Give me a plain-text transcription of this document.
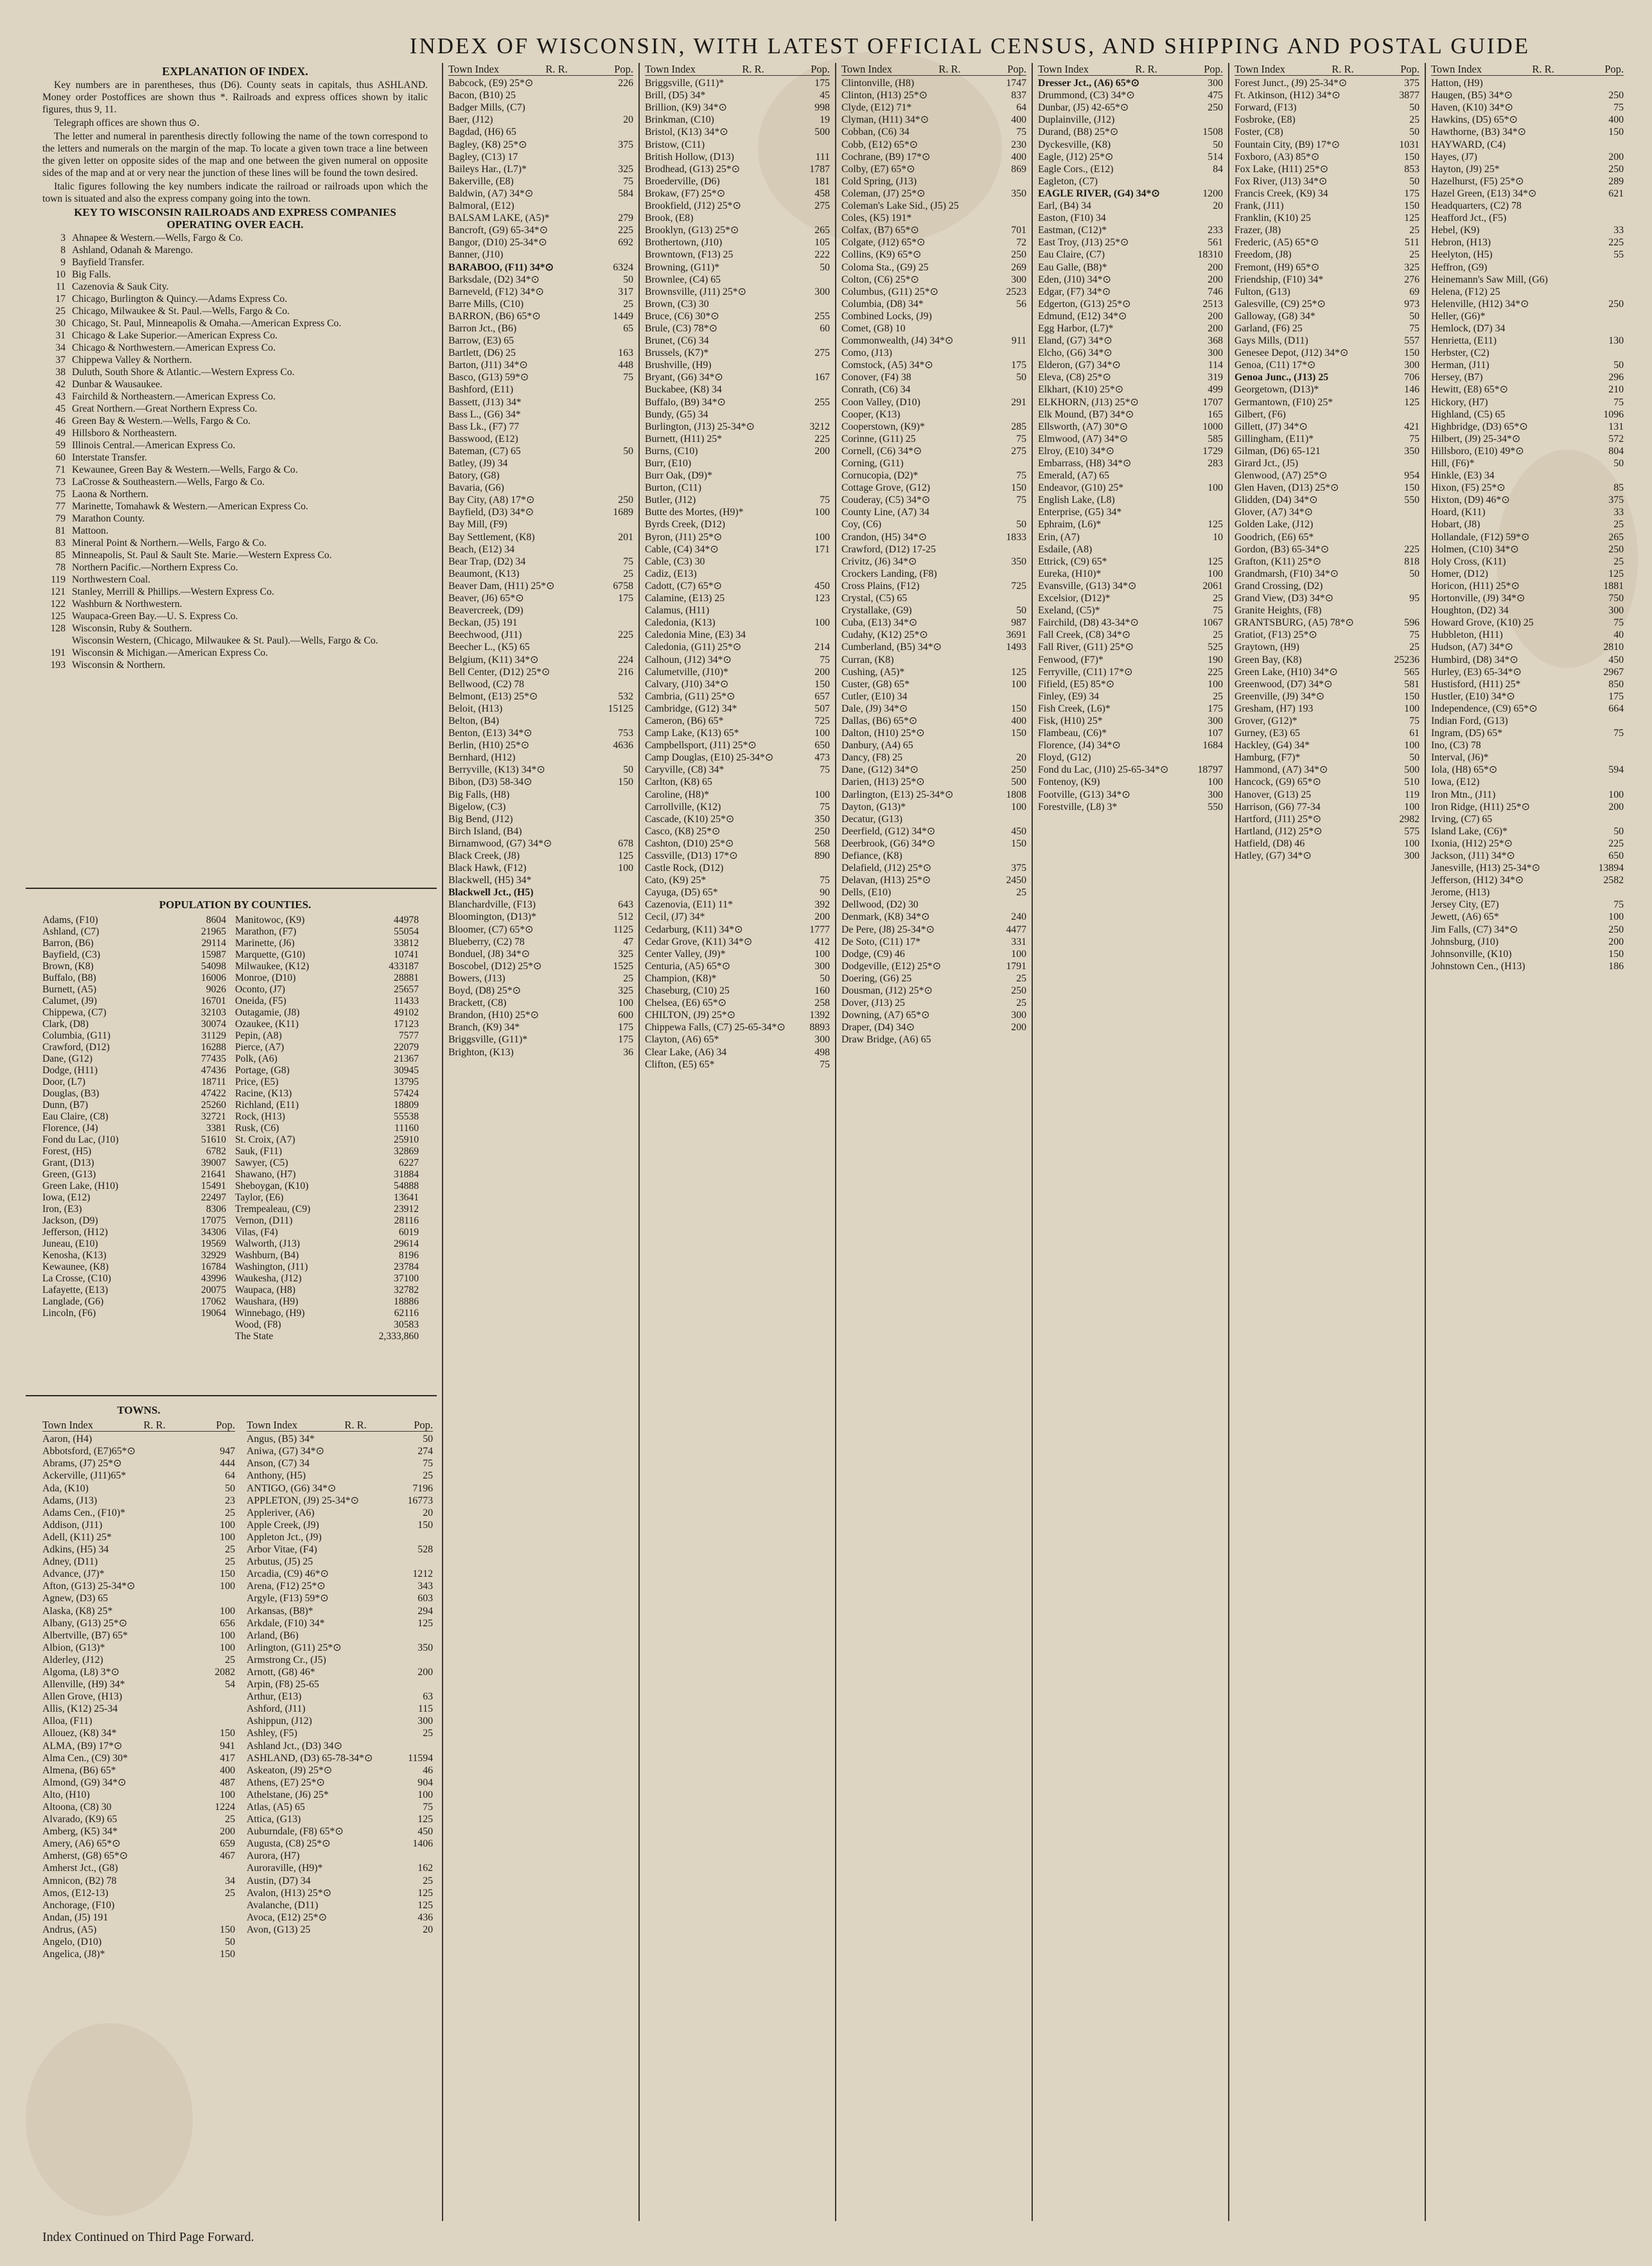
INDEX OF WISCONSIN, WITH LATEST OFFICIAL CENSUS, AND SHIPPING AND POSTAL GUIDE
EXPLANATION OF INDEX.

Key numbers are in parentheses, thus (D6). County seats in capitals, thus ASHLAND. Money order Postoffices are shown thus *. Railroads and express offices shown by italic figures, thus 9, 11.

Telegraph offices are shown thus ⊙.

The letter and numeral in parenthesis directly following the name of the town correspond to the letters and numerals on the margin of the map. To locate a given town trace a line between the given letter on opposite sides of the map and one between the given numeral on opposite sides of the map and at or very near the junction of these lines will be found the town desired.

Italic figures following the key numbers indicate the railroad or railroads upon which the town is situated and also the express company going into the town.

KEY TO WISCONSIN RAILROADS AND EXPRESS COMPANIES OPERATING OVER EACH.
3 Ahnapee & Western.—Wells, Fargo & Co.
8 Ashland, Odanah & Marengo.
9 Bayfield Transfer.
10 Big Falls.
11 Cazenovia & Sauk City.
17 Chicago, Burlington & Quincy.—Adams Express Co.
25 Chicago, Milwaukee & St. Paul.—Wells, Fargo & Co.
30 Chicago, St. Paul, Minneapolis & Omaha.—American Express Co.
31 Chicago & Lake Superior.—American Express Co.
34 Chicago & Northwestern.—American Express Co.
37 Chippewa Valley & Northern.
38 Duluth, South Shore & Atlantic.—Western Express Co.
42 Dunbar & Wausaukee.
43 Fairchild & Northeastern.—American Express Co.
45 Great Northern.—Great Northern Express Co.
46 Green Bay & Western.—Wells, Fargo & Co.
49 Hillsboro & Northeastern.
59 Illinois Central.—American Express Co.
60 Interstate Transfer.
71 Kewaunee, Green Bay & Western.—Wells, Fargo & Co.
73 LaCrosse & Southeastern.—Wells, Fargo & Co.
75 Laona & Northern.
77 Marinette, Tomahawk & Western.—American Express Co.
79 Marathon County.
81 Mattoon.
83 Mineral Point & Northern.—Wells, Fargo & Co.
85 Minneapolis, St. Paul & Sault Ste. Marie.—Western Express Co.
78 Northern Pacific.—Northern Express Co.
119 Northwestern Coal.
121 Stanley, Merrill & Phillips.—Western Express Co.
122 Washburn & Northwestern.
125 Waupaca-Green Bay.—U. S. Express Co.
128 Wisconsin, Ruby & Southern.
Wisconsin Western, (Chicago, Milwaukee & St. Paul).—Wells, Fargo & Co.
191 Wisconsin & Michigan.—American Express Co.
193 Wisconsin & Northern.
POPULATION BY COUNTIES.
Adams, (F10)	8604
Ashland, (C7)	21965
Barron, (B6)	29114
Bayfield, (C3)	15987
Brown, (K8)	54098
Buffalo, (B8)	16006
Burnett, (A5)	9026
Calumet, (J9)	16701
Chippewa, (C7)	32103
Clark, (D8)	30074
Columbia, (G11)	31129
Crawford, (D12)	16288
Dane, (G12)	77435
Dodge, (H11)	47436
Door, (L7)	18711
Douglas, (B3)	47422
Dunn, (B7)	25260
Eau Claire, (C8)	32721
Florence, (J4)	3381
Fond du Lac, (J10)	51610
Forest, (H5)	6782
Grant, (D13)	39007
Green, (G13)	21641
Green Lake, (H10)	15491
Iowa, (E12)	22497
Iron, (E3)	8306
Jackson, (D9)	17075
Jefferson, (H12)	34306
Juneau, (E10)	19569
Kenosha, (K13)	32929
Kewaunee, (K8)	16784
La Crosse, (C10)	43996
Lafayette, (E13)	20075
Langlade, (G6)	17062
Lincoln, (F6)	19064
Manitowoc, (K9)	44978
Marathon, (F7)	55054
Marinette, (J6)	33812
Marquette, (G10)	10741
Milwaukee, (K12)	433187
Monroe, (D10)	28881
Oconto, (J7)	25657
Oneida, (F5)	11433
Outagamie, (J8)	49102
Ozaukee, (K11)	17123
Pepin, (A8)	7577
Pierce, (A7)	22079
Polk, (A6)	21367
Portage, (G8)	30945
Price, (E5)	13795
Racine, (K13)	57424
Richland, (E11)	18809
Rock, (H13)	55538
Rusk, (C6)	11160
St. Croix, (A7)	25910
Sauk, (F11)	32869
Sawyer, (C5)	6227
Shawano, (H7)	31884
Sheboygan, (K10)	54888
Taylor, (E6)	13641
Trempealeau, (C9)	23912
Vernon, (D11)	28116
Vilas, (F4)	6019
Walworth, (J13)	29614
Washburn, (B4)	8196
Washington, (J11)	23784
Waukesha, (J12)	37100
Waupaca, (H8)	32782
Waushara, (H9)	18886
Winnebago, (H9)	62116
Wood, (F8)	30583
The State	2,333,860
TOWNS.
Town Index	R. R.	Pop.
Aaron, (H4)
Abbotsford, (E7)65*⊙	947
Abrams, (J7) 25*⊙	444
Ackerville, (J11)65*	64
Ada, (K10)	50
Adams, (J13)	23
Adams Cen., (F10)*	25
Addison, (J11)	100
Adell, (K11) 25*	100
Adkins, (H5) 34	25
Adney, (D11)	25
Advance, (J7)*	150
Afton, (G13) 25-34*⊙	100
Agnew, (D3) 65
Alaska, (K8) 25*	100
Albany, (G13) 25*⊙	656
Albertville, (B7) 65*	100
Albion, (G13)*	100
Alderley, (J12)	25
Algoma, (L8) 3*⊙	2082
Allenville, (H9) 34*	54
Allen Grove, (H13)
Allis, (K12) 25-34
Alloa, (F11)
Allouez, (K8) 34*	150
ALMA, (B9) 17*⊙	941
Alma Cen., (C9) 30*	417
Almena, (B6) 65*	400
Almond, (G9) 34*⊙	487
Alto, (H10)	100
Altoona, (C8) 30	1224
Alvarado, (K9) 65	25
Amberg, (K5) 34*	200
Amery, (A6) 65*⊙	659
Amherst, (G8) 65*⊙	467
Amherst Jct., (G8)
Amnicon, (B2) 78	34
Amos, (E12-13)	25
Anchorage, (F10)
Andan, (J5) 191
Andrus, (A5)	150
Angelo, (D10)	50
Angelica, (J8)*	150
Town Index	R. R.	Pop.
Angus, (B5) 34*	50
Aniwa, (G7) 34*⊙	274
Anson, (C7) 34	75
Anthony, (H5)	25
ANTIGO, (G6) 34*⊙	7196
APPLETON, (J9) 25-34*⊙	16773
Appleriver, (A6)	20
Apple Creek, (J9)	150
Appleton Jct., (J9)
Arbor Vitae, (F4)	528
Arbutus, (J5) 25
Arcadia, (C9) 46*⊙	1212
Arena, (F12) 25*⊙	343
Argyle, (F13) 59*⊙	603
Arkansas, (B8)*	294
Arkdale, (F10) 34*	125
Arland, (B6)
Arlington, (G11) 25*⊙	350
Armstrong Cr., (J5)
Arnott, (G8) 46*	200
Arpin, (F8) 25-65
Arthur, (E13)	63
Ashford, (J11)	115
Ashippun, (J12)	300
Ashley, (F5)	25
Ashland Jct., (D3) 34⊙
ASHLAND, (D3) 65-78-34*⊙	11594
Askeaton, (J9) 25*⊙	46
Athens, (E7) 25*⊙	904
Athelstane, (J6) 25*	100
Atlas, (A5) 65	75
Attica, (G13)	125
Auburndale, (F8) 65*⊙	450
Augusta, (C8) 25*⊙	1406
Aurora, (H7)
Auroraville, (H9)*	162
Austin, (D7) 34	25
Avalon, (H13) 25*⊙	125
Avalanche, (D11)	125
Avoca, (E12) 25*⊙	436
Avon, (G13) 25	20
Town Index	R. R.	Pop.
Babcock, (E9) 25*⊙	226
Bacon, (B10) 25
Badger Mills, (C7)
Baer, (J12)	20
Bagdad, (H6) 65
Bagley, (K8) 25*⊙	375
Bagley, (C13) 17
Baileys Har., (L7)*	325
Bakerville, (E8)	75
Baldwin, (A7) 34*⊙	584
Balmoral, (E12)
BALSAM LAKE, (A5)*	279
Bancroft, (G9) 65-34*⊙	225
Bangor, (D10) 25-34*⊙	692
Banner, (J10)
BARABOO, (F11) 34*⊙	6324
Barksdale, (D2) 34*⊙	50
Barneveld, (F12) 34*⊙	317
Barre Mills, (C10)	25
BARRON, (B6) 65*⊙	1449
Barron Jct., (B6)	65
Barrow, (E3) 65
Bartlett, (D6) 25	163
Barton, (J11) 34*⊙	448
Basco, (G13) 59*⊙	75
Bashford, (E11)
Bassett, (J13) 34*
Bass L., (G6) 34*
Bass Lk., (F7) 77
Basswood, (E12)
Bateman, (C7) 65	50
Batley, (J9) 34
Batory, (G8)
Bavaria, (G6)
Bay City, (A8) 17*⊙	250
Bayfield, (D3) 34*⊙	1689
Bay Mill, (F9)
Bay Settlement, (K8)	201
Beach, (E12) 34
Bear Trap, (D2) 34	75
Beaumont, (K13)	25
Beaver Dam, (H11) 25*⊙	6758
Beaver, (J6) 65*⊙	175
Beavercreek, (D9)
Beckan, (J5) 191
Beechwood, (J11)	225
Beecher L., (K5) 65
Belgium, (K11) 34*⊙	224
Bell Center, (D12) 25*⊙	216
Bellwood, (C2) 78
Belmont, (E13) 25*⊙	532
Beloit, (H13)	15125
Belton, (B4)
Benton, (E13) 34*⊙	753
Berlin, (H10) 25*⊙	4636
Bernhard, (H12)
Berryville, (K13) 34*⊙	50
Bibon, (D3) 58-34⊙	150
Big Falls, (H8)
Bigelow, (C3)
Big Bend, (J12)
Birch Island, (B4)
Birnamwood, (G7) 34*⊙	678
Black Creek, (J8)	125
Black Hawk, (F12)	100
Blackwell, (H5) 34*
Blackwell Jct., (H5)
Blanchardville, (F13)	643
Bloomington, (D13)*	512
Bloomer, (C7) 65*⊙	1125
Blueberry, (C2) 78	47
Bonduel, (J8) 34*⊙	325
Boscobel, (D12) 25*⊙	1525
Bowers, (J13)	25
Boyd, (D8) 25*⊙	325
Brackett, (C8)	100
Brandon, (H10) 25*⊙	600
Branch, (K9) 34*	175
Briggsville, (G11)*	175
Brighton, (K13)	36
Town Index	R. R.	Pop.
Briggsville, (G11)*	175
Brill, (D5) 34*	45
Brillion, (K9) 34*⊙	998
Brinkman, (C10)	19
Bristol, (K13) 34*⊙	500
Bristow, (C11)
British Hollow, (D13)	111
Brodhead, (G13) 25*⊙	1787
Broederville, (D6)	181
Brokaw, (F7) 25*⊙	458
Brookfield, (J12) 25*⊙	275
Brook, (E8)
Brooklyn, (G13) 25*⊙	265
Brothertown, (J10)	105
Browntown, (F13) 25	222
Browning, (G11)*	50
Brownlee, (C4) 65
Brownsville, (J11) 25*⊙	300
Brown, (C3) 30
Bruce, (C6) 30*⊙	255
Brule, (C3) 78*⊙	60
Brunet, (C6) 34
Brussels, (K7)*	275
Brushville, (H9)
Bryant, (G6) 34*⊙	167
Buckabee, (K8) 34
Buffalo, (B9) 34*⊙	255
Bundy, (G5) 34
Burlington, (J13) 25-34*⊙	3212
Burnett, (H11) 25*	225
Burns, (C10)	200
Burr, (E10)
Burr Oak, (D9)*
Burton, (C11)
Butler, (J12)	75
Butte des Mortes, (H9)*	100
Byrds Creek, (D12)
Byron, (J11) 25*⊙	100
Cable, (C4) 34*⊙	171
Cable, (C3) 30
Cadiz, (E13)
Cadott, (C7) 65*⊙	450
Calamine, (E13) 25	123
Calamus, (H11)
Caledonia, (K13)	100
Caledonia Mine, (E3) 34
Caledonia, (G11) 25*⊙	214
Calhoun, (J12) 34*⊙	75
Calumetville, (J10)*	200
Calvary, (J10) 34*⊙	150
Cambria, (G11) 25*⊙	657
Cambridge, (G12) 34*	507
Cameron, (B6) 65*	725
Camp Lake, (K13) 65*	100
Campbellsport, (J11) 25*⊙	650
Camp Douglas, (E10) 25-34*⊙	473
Caryville, (C8) 34*	75
Carlton, (K8) 65
Caroline, (H8)*	100
Carrollville, (K12)	75
Cascade, (K10) 25*⊙	350
Casco, (K8) 25*⊙	250
Cashton, (D10) 25*⊙	568
Cassville, (D13) 17*⊙	890
Castle Rock, (D12)
Cato, (K9) 25*	75
Cayuga, (D5) 65*	90
Cazenovia, (E11) 11*	392
Cecil, (J7) 34*	200
Cedarburg, (K11) 34*⊙	1777
Cedar Grove, (K11) 34*⊙	412
Center Valley, (J9)*	100
Centuria, (A5) 65*⊙	300
Champion, (K8)*	50
Chaseburg, (C10) 25	160
Chelsea, (E6) 65*⊙	258
CHILTON, (J9) 25*⊙	1392
Chippewa Falls, (C7) 25-65-34*⊙	8893
Clayton, (A6) 65*	300
Clear Lake, (A6) 34	498
Clifton, (E5) 65*	75
Town Index	R. R.	Pop.
Clintonville, (H8)	1747
Clinton, (H13) 25*⊙	837
Clyde, (E12) 71*	64
Clyman, (H11) 34*⊙	400
Cobban, (C6) 34	75
Cobb, (E12) 65*⊙	230
Cochrane, (B9) 17*⊙	400
Colby, (E7) 65*⊙	869
Cold Spring, (J13)
Coleman, (J7) 25*⊙	350
Coleman's Lake Sid., (J5) 25
Coles, (K5) 191*
Colfax, (B7) 65*⊙	701
Colgate, (J12) 65*⊙	72
Collins, (K9) 65*⊙	250
Coloma Sta., (G9) 25	269
Colton, (C6) 25*⊙	300
Columbus, (G11) 25*⊙	2523
Columbia, (D8) 34*	56
Combined Locks, (J9)
Comet, (G8) 10
Commonwealth, (J4) 34*⊙	911
Como, (J13)
Comstock, (A5) 34*⊙	175
Conover, (F4) 38	50
Conrath, (C6) 34
Coon Valley, (D10)	291
Cooper, (K13)
Cooperstown, (K9)*	285
Corinne, (G11) 25	75
Cornell, (C6) 34*⊙	275
Corning, (G11)
Cornucopia, (D2)*	75
Cottage Grove, (G12)	150
Couderay, (C5) 34*⊙	75
County Line, (A7) 34
Coy, (C6)	50
Crandon, (H5) 34*⊙	1833
Crawford, (D12) 17-25
Crivitz, (J6) 34*⊙	350
Crockers Landing, (F8)
Cross Plains, (F12)	725
Crystal, (C5) 65
Crystallake, (G9)	50
Cuba, (E13) 34*⊙	987
Cudahy, (K12) 25*⊙	3691
Cumberland, (B5) 34*⊙	1493
Curran, (K8)
Cushing, (A5)*	125
Custer, (G8) 65*	100
Cutler, (E10) 34
Dale, (J9) 34*⊙	150
Dallas, (B6) 65*⊙	400
Dalton, (H10) 25*⊙	150
Danbury, (A4) 65
Dancy, (F8) 25	20
Dane, (G12) 34*⊙	250
Darien, (H13) 25*⊙	500
Darlington, (E13) 25-34*⊙	1808
Dayton, (G13)*	100
Decatur, (G13)
Deerfield, (G12) 34*⊙	450
Deerbrook, (G6) 34*⊙	150
Defiance, (K8)
Delafield, (J12) 25*⊙	375
Delavan, (H13) 25*⊙	2450
Dells, (E10)	25
Dellwood, (D2) 30
Denmark, (K8) 34*⊙	240
De Pere, (J8) 25-34*⊙	4477
De Soto, (C11) 17*	331
Dodge, (C9) 46	100
Dodgeville, (E12) 25*⊙	1791
Doering, (G6) 25	25
Dousman, (J12) 25*⊙	250
Dover, (J13) 25	25
Downing, (A7) 65*⊙	300
Draper, (D4) 34⊙	200
Draw Bridge, (A6) 65
Town Index	R. R.	Pop.
Dresser Jct., (A6) 65*⊙	300
Drummond, (C3) 34*⊙	475
Dunbar, (J5) 42-65*⊙	250
Duplainville, (J12)
Durand, (B8) 25*⊙	1508
Dyckesville, (K8)	50
Eagle, (J12) 25*⊙	514
Eagle Cors., (E12)	84
Eagleton, (C7)
EAGLE RIVER, (G4) 34*⊙	1200
Earl, (B4) 34	20
Easton, (F10) 34
Eastman, (C12)*	233
East Troy, (J13) 25*⊙	561
Eau Claire, (C7)	18310
Eau Galle, (B8)*	200
Eden, (J10) 34*⊙	200
Edgar, (F7) 34*⊙	746
Edgerton, (G13) 25*⊙	2513
Edmund, (E12) 34*⊙	200
Egg Harbor, (L7)*	200
Eland, (G7) 34*⊙	368
Elcho, (G6) 34*⊙	300
Elderon, (G7) 34*⊙	114
Eleva, (C8) 25*⊙	319
Elkhart, (K10) 25*⊙	499
ELKHORN, (J13) 25*⊙	1707
Elk Mound, (B7) 34*⊙	165
Ellsworth, (A7) 30*⊙	1000
Elmwood, (A7) 34*⊙	585
Elroy, (E10) 34*⊙	1729
Embarrass, (H8) 34*⊙	283
Emerald, (A7) 65
Endeavor, (G10) 25*	100
English Lake, (L8)
Enterprise, (G5) 34*
Ephraim, (L6)*	125
Erin, (A7)	10
Esdaile, (A8)
Ettrick, (C9) 65*	125
Eureka, (H10)*	100
Evansville, (G13) 34*⊙	2061
Excelsior, (D12)*	25
Exeland, (C5)*	75
Fairchild, (D8) 43-34*⊙	1067
Fall Creek, (C8) 34*⊙	25
Fall River, (G11) 25*⊙	525
Fenwood, (F7)*	190
Ferryville, (C11) 17*⊙	225
Fifield, (E5) 85*⊙	100
Finley, (E9) 34	25
Fish Creek, (L6)*	175
Fisk, (H10) 25*	300
Flambeau, (C6)*	107
Florence, (J4) 34*⊙	1684
Floyd, (G12)
Fond du Lac, (J10) 25-65-34*⊙	18797
Fontenoy, (K9)	100
Footville, (G13) 34*⊙	300
Forestville, (L8) 3*	550
Town Index	R. R.	Pop.
Forest Junct., (J9) 25-34*⊙	375
Ft. Atkinson, (H12) 34*⊙	3877
Forward, (F13)	50
Fosbroke, (E8)	25
Foster, (C8)	50
Fountain City, (B9) 17*⊙	1031
Foxboro, (A3) 85*⊙	150
Fox Lake, (H11) 25*⊙	853
Fox River, (J13) 34*⊙	50
Francis Creek, (K9) 34	175
Frank, (J11)	150
Franklin, (K10) 25	125
Frazer, (J8)	25
Frederic, (A5) 65*⊙	511
Freedom, (J8)	25
Fremont, (H9) 65*⊙	325
Friendship, (F10) 34*	276
Fulton, (G13)	69
Galesville, (C9) 25*⊙	973
Galloway, (G8) 34*	50
Garland, (F6) 25	75
Gays Mills, (D11)	557
Genesee Depot, (J12) 34*⊙	150
Genoa, (C11) 17*⊙	300
Genoa Junc., (J13) 25	706
Georgetown, (D13)*	146
Germantown, (F10) 25*	125
Gilbert, (F6)
Gillett, (J7) 34*⊙	421
Gillingham, (E11)*	75
Gilman, (D6) 65-121	350
Girard Jct., (J5)
Glenwood, (A7) 25*⊙	954
Glen Haven, (D13) 25*⊙	150
Glidden, (D4) 34*⊙	550
Glover, (A7) 34*⊙
Golden Lake, (J12)
Goodrich, (E6) 65*
Gordon, (B3) 65-34*⊙	225
Grafton, (K11) 25*⊙	818
Grandmarsh, (F10) 34*⊙	50
Grand Crossing, (D2)
Grand View, (D3) 34*⊙	95
Granite Heights, (F8)
GRANTSBURG, (A5) 78*⊙	596
Gratiot, (F13) 25*⊙	75
Graytown, (H9)	25
Green Bay, (K8)	25236
Green Lake, (H10) 34*⊙	565
Greenwood, (D7) 34*⊙	581
Greenville, (J9) 34*⊙	150
Gresham, (H7) 193	100
Grover, (G12)*	75
Gurney, (E3) 65	61
Hackley, (G4) 34*	100
Hamburg, (F7)*	50
Hammond, (A7) 34*⊙	500
Hancock, (G9) 65*⊙	510
Hanover, (G13) 25	119
Harrison, (G6) 77-34	100
Hartford, (J11) 25*⊙	2982
Hartland, (J12) 25*⊙	575
Hatfield, (D8) 46	100
Hatley, (G7) 34*⊙	300
Town Index	R. R.	Pop.
Hatton, (H9)
Haugen, (B5) 34*⊙	250
Haven, (K10) 34*⊙	75
Hawkins, (D5) 65*⊙	400
Hawthorne, (B3) 34*⊙	150
HAYWARD, (C4)
Hayes, (J7)	200
Hayton, (J9) 25*	250
Hazelhurst, (F5) 25*⊙	289
Hazel Green, (E13) 34*⊙	621
Headquarters, (C2) 78
Heafford Jct., (F5)
Hebel, (K9)	33
Hebron, (H13)	225
Heelyton, (H5)	55
Heffron, (G9)
Heinemann's Saw Mill, (G6)
Helena, (F12) 25
Helenville, (H12) 34*⊙	250
Heller, (G6)*
Hemlock, (D7) 34
Henrietta, (E11)	130
Herbster, (C2)
Herman, (J11)	50
Hersey, (B7)	296
Hewitt, (E8) 65*⊙	210
Hickory, (H7)	75
Highland, (C5) 65	1096
Highbridge, (D3) 65*⊙	131
Hilbert, (J9) 25-34*⊙	572
Hillsboro, (E10) 49*⊙	804
Hill, (F6)*	50
Hinkle, (E3) 34
Hixon, (F5) 25*⊙	85
Hixton, (D9) 46*⊙	375
Hoard, (K11)	33
Hobart, (J8)	25
Hollandale, (F12) 59*⊙	265
Holmen, (C10) 34*⊙	250
Holy Cross, (K11)	25
Homer, (D12)	125
Horicon, (H11) 25*⊙	1881
Hortonville, (J9) 34*⊙	750
Houghton, (D2) 34	300
Howard Grove, (K10) 25	75
Hubbleton, (H11)	40
Hudson, (A7) 34*⊙	2810
Humbird, (D8) 34*⊙	450
Hurley, (E3) 65-34*⊙	2967
Hustisford, (H11) 25*	850
Hustler, (E10) 34*⊙	175
Independence, (C9) 65*⊙	664
Indian Ford, (G13)
Ingram, (D5) 65*	75
Ino, (C3) 78
Interval, (J6)*
Iola, (H8) 65*⊙	594
Iowa, (E12)
Iron Mtn., (J11)	100
Iron Ridge, (H11) 25*⊙	200
Irving, (C7) 65
Island Lake, (C6)*	50
Ixonia, (H12) 25*⊙	225
Jackson, (J11) 34*⊙	650
Janesville, (H13) 25-34*⊙	13894
Jefferson, (H12) 34*⊙	2582
Jerome, (H13)
Jersey City, (E7)	75
Jewett, (A6) 65*	100
Jim Falls, (C7) 34*⊙	250
Johnsburg, (J10)	200
Johnsonville, (K10)	150
Johnstown Cen., (H13)	186
Index Continued on Third Page Forward.
